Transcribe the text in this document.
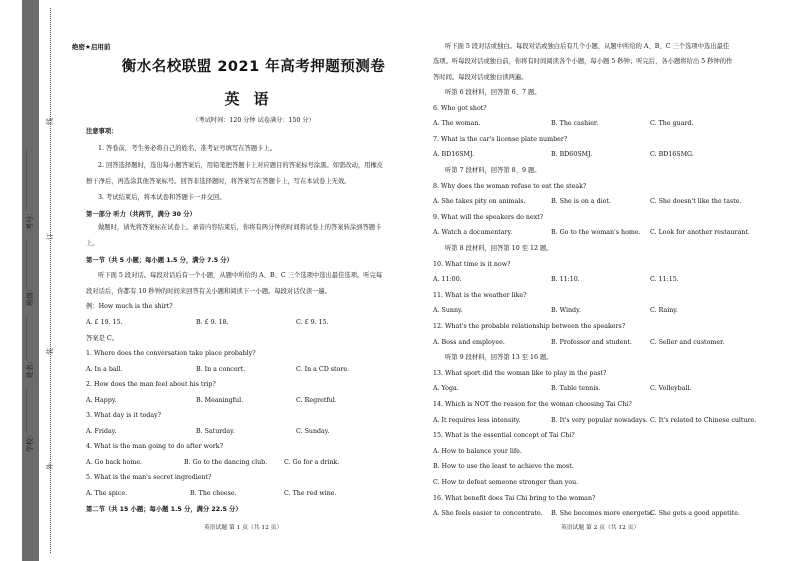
考号：
班级：
姓名：
学校：
线
订
装
外
绝密★启用前
衡水名校联盟 2021 年高考押题预测卷
英语
（考试时间：120 分钟 试卷满分：150 分）
注意事项：
1. 答卷前，考生务必将自己的姓名、准考证号填写在答题卡上。
2. 回答选择题时，选出每小题答案后，用铅笔把答题卡上对应题目的答案标号涂黑。如需改动，用橡皮
擦干净后，再选涂其他答案标号。回答非选择题时，将答案写在答题卡上，写在本试卷上无效。
3. 考试结束后，将本试卷和答题卡一并交回。
第一部分 听力（共两节，满分 30 分）
做题时，请先将答案标在试卷上。录音内容结束后，你将有两分钟的时间将试卷上的答案转涂到答题卡
上。
第一节（共 5 小题；每小题 1.5 分，满分 7.5 分）
听下面 5 段对话。每段对话后有一个小题，从题中所给的 A、B、C 三个选项中选出最佳选项。听完每
段对话后，你都有 10 秒钟的时间来回答有关小题和阅读下一小题。每段对话仅读一遍。
例：How much is the shirt?
A. £ 19. 15.	B. £ 9. 18.	C. £ 9. 15.
答案是 C。
1. Where does the conversation take place probably?
A. In a ball.	B. In a concert.	C. In a CD store.
2. How does the man feel about his trip?
A. Happy.	B. Meaningful.	C. Regretful.
3. What day is it today?
A. Friday.	B. Saturday.	C. Sunday.
4. What is the man going to do after work?
A. Go back home.	B. Go to the dancing club.	C. Go for a drink.
5. What is the man's secret ingredient?
A. The spice.	B. The cheese.	C. The red wine.
第二节（共 15 小题；每小题 1.5 分，满分 22.5 分）
英语试题 第 1 页（共 12 页）
听下面 5 段对话或独白。每段对话或独白后有几个小题，从题中所给的 A、B、C 三个选项中选出最佳
选项。听每段对话或独白前，你将有时间阅读各个小题，每小题 5 秒钟；听完后，各小题将给出 5 秒钟的作
答时间。每段对话或独白读两遍。
听第 6 段材料，回答第 6、7 题。
6. Who got shot?
A. The woman.	B. The cashier.	C. The guard.
7. What is the car's license plate number?
A. BD16SMJ.	B. BD60SMJ.	C. BD16SMG.
听第 7 段材料，回答第 8、9 题。
8. Why does the woman refuse to eat the steak?
A. She takes pity on animals.	B. She is on a diet.	C. She doesn't like the taste.
9. What will the speakers do next?
A. Watch a documentary.	B. Go to the woman's home. C. Look for another restaurant.
听第 8 段材料，回答第 10 至 12 题。
10. What time is it now?
A. 11:00.	B. 11:10.	C. 11:15.
11. What is the weather like?
A. Sunny.	B. Windy.	C. Rainy.
12. What's the probable relationship between the speakers?
A. Boss and employee.	B. Professor and student.	C. Seller and customer.
听第 9 段材料，回答第 13 至 16 题。
13. What sport did the woman like to play in the past?
A. Yoga.	B. Table tennis.	C. Volleyball.
14. Which is NOT the reason for the woman choosing Tai Chi?
A. It requires less intensity.	B. It's very popular nowadays. C. It's related to Chinese culture.
15. What is the essential concept of Tai Chi?
A. How to balance your life.
B. How to use the least to achieve the most.
C. How to defeat someone stronger than you.
16. What benefit does Tai Chi bring to the woman?
A. She feels easier to concentrate. B. She becomes more energetic.
C. She gets a good appetite.
英语试题 第 2 页（共 12 页）
